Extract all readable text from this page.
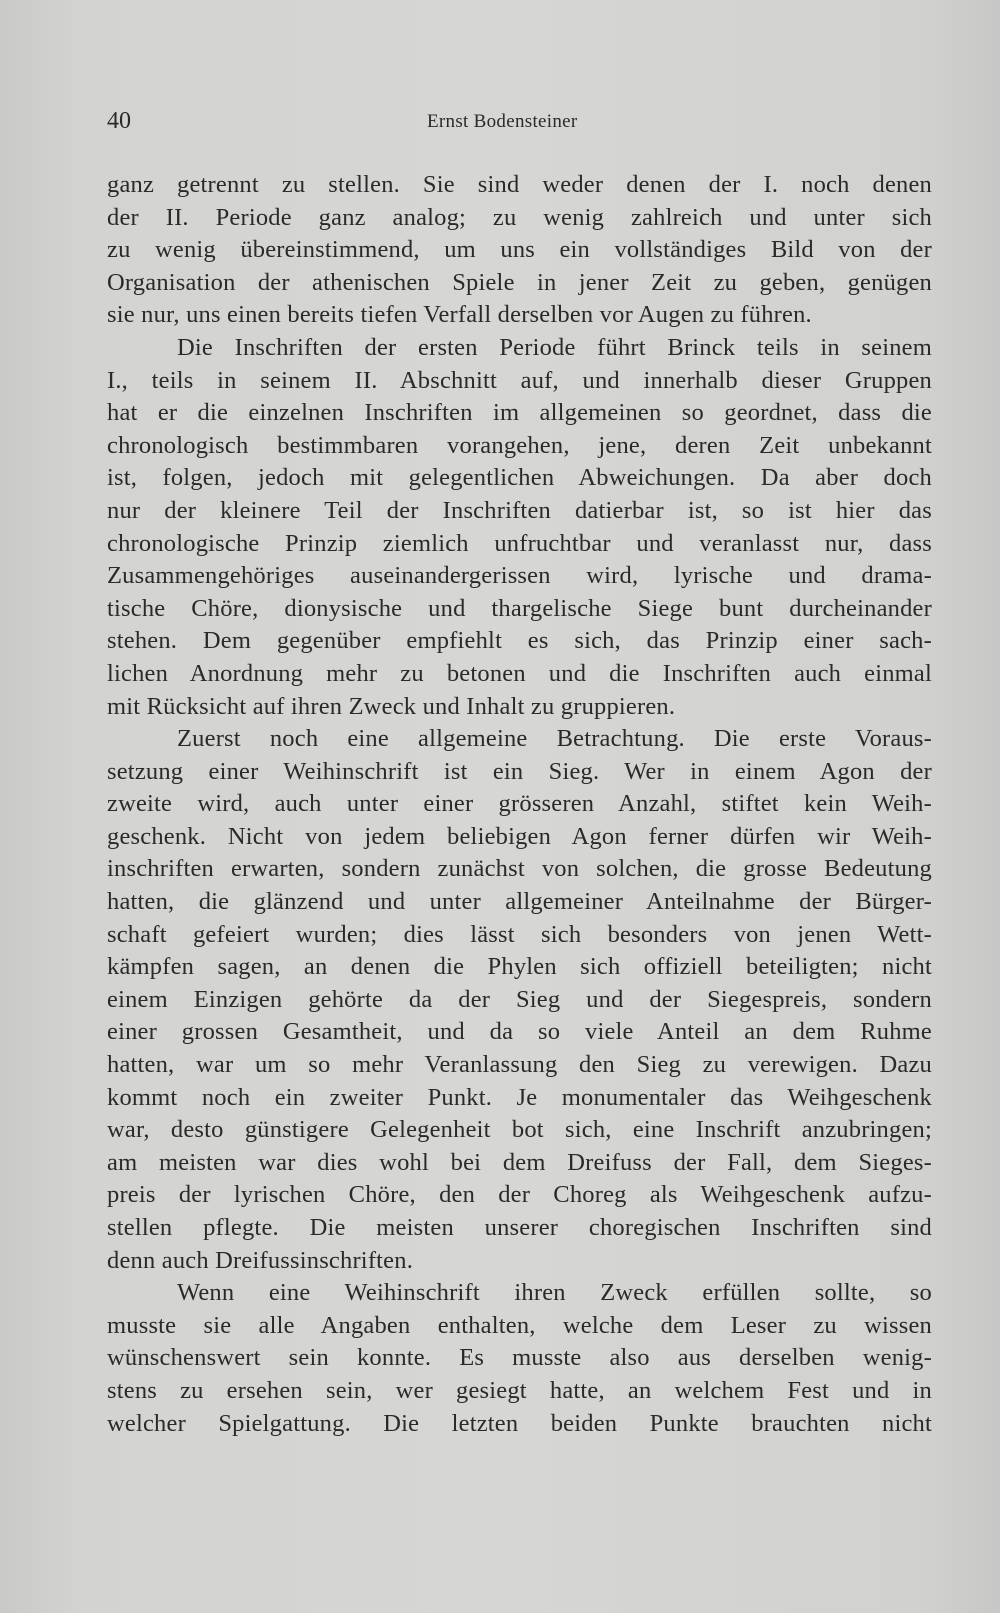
40	Ernst Bodensteiner
ganz getrennt zu stellen. Sie sind weder denen der I. noch denen
der II. Periode ganz analog; zu wenig zahlreich und unter sich
zu wenig übereinstimmend, um uns ein vollständiges Bild von der
Organisation der athenischen Spiele in jener Zeit zu geben, genügen
sie nur, uns einen bereits tiefen Verfall derselben vor Augen zu führen.
Die Inschriften der ersten Periode führt Brinck teils in seinem
I., teils in seinem II. Abschnitt auf, und innerhalb dieser Gruppen
hat er die einzelnen Inschriften im allgemeinen so geordnet, dass die
chronologisch bestimmbaren vorangehen, jene, deren Zeit unbekannt
ist, folgen, jedoch mit gelegentlichen Abweichungen. Da aber doch
nur der kleinere Teil der Inschriften datierbar ist, so ist hier das
chronologische Prinzip ziemlich unfruchtbar und veranlasst nur, dass
Zusammengehöriges auseinandergerissen wird, lyrische und drama-
tische Chöre, dionysische und thargelische Siege bunt durcheinander
stehen. Dem gegenüber empfiehlt es sich, das Prinzip einer sach-
lichen Anordnung mehr zu betonen und die Inschriften auch einmal
mit Rücksicht auf ihren Zweck und Inhalt zu gruppieren.
Zuerst noch eine allgemeine Betrachtung. Die erste Voraus-
setzung einer Weihinschrift ist ein Sieg. Wer in einem Agon der
zweite wird, auch unter einer grösseren Anzahl, stiftet kein Weih-
geschenk. Nicht von jedem beliebigen Agon ferner dürfen wir Weih-
inschriften erwarten, sondern zunächst von solchen, die grosse Bedeutung
hatten, die glänzend und unter allgemeiner Anteilnahme der Bürger-
schaft gefeiert wurden; dies lässt sich besonders von jenen Wett-
kämpfen sagen, an denen die Phylen sich offiziell beteiligten; nicht
einem Einzigen gehörte da der Sieg und der Siegespreis, sondern
einer grossen Gesamtheit, und da so viele Anteil an dem Ruhme
hatten, war um so mehr Veranlassung den Sieg zu verewigen. Dazu
kommt noch ein zweiter Punkt. Je monumentaler das Weihgeschenk
war, desto günstigere Gelegenheit bot sich, eine Inschrift anzubringen;
am meisten war dies wohl bei dem Dreifuss der Fall, dem Sieges-
preis der lyrischen Chöre, den der Choreg als Weihgeschenk aufzu-
stellen pflegte. Die meisten unserer choregischen Inschriften sind
denn auch Dreifussinschriften.
Wenn eine Weihinschrift ihren Zweck erfüllen sollte, so
musste sie alle Angaben enthalten, welche dem Leser zu wissen
wünschenswert sein konnte. Es musste also aus derselben wenig-
stens zu ersehen sein, wer gesiegt hatte, an welchem Fest und in
welcher Spielgattung. Die letzten beiden Punkte brauchten nicht
